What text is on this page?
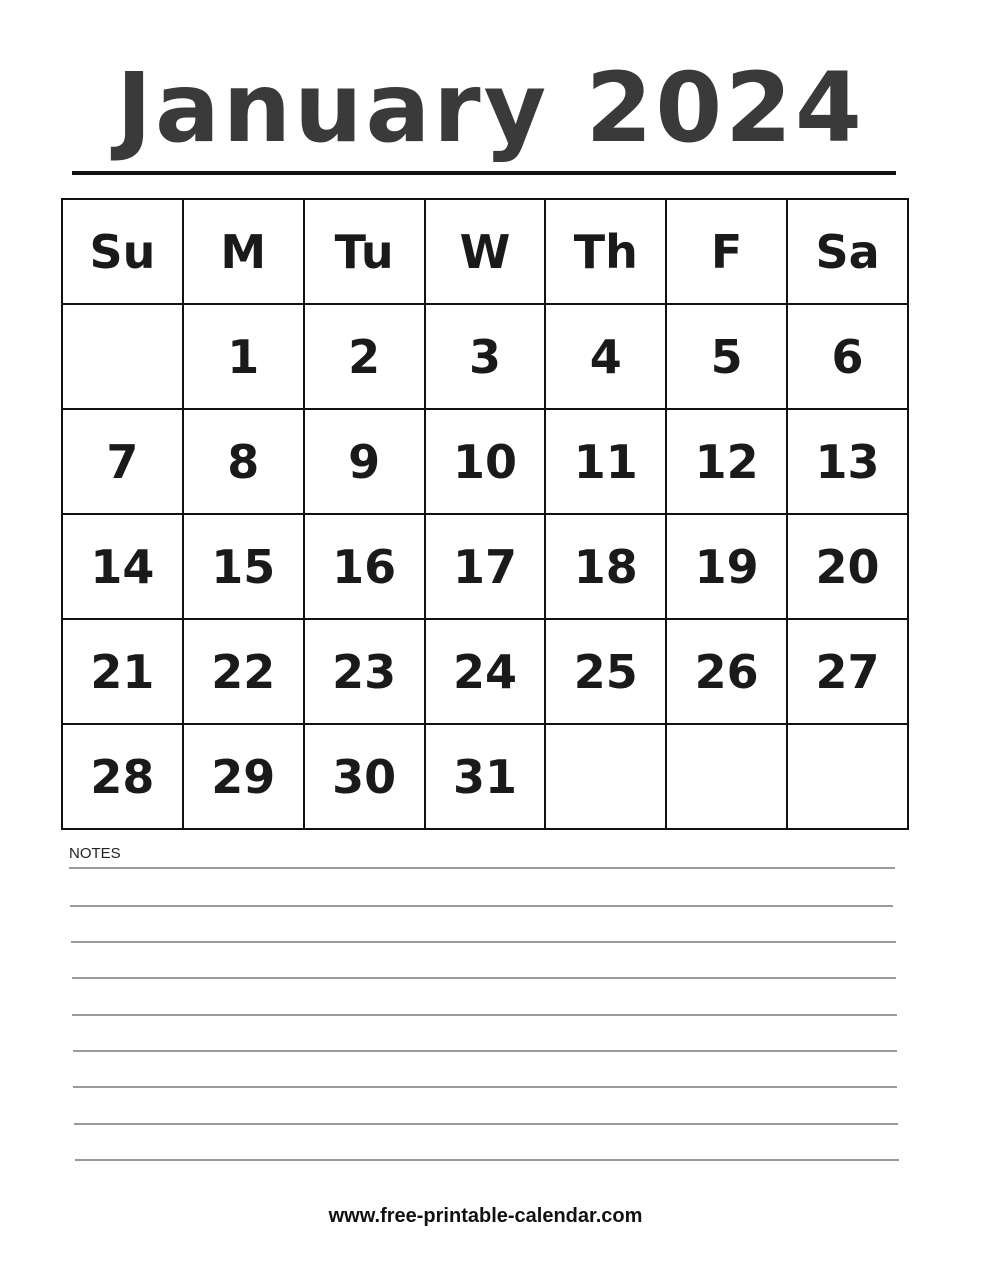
January 2024
Su	M	Tu	W	Th	F	Sa
	1	2	3	4	5	6
7	8	9	10	11	12	13
14	15	16	17	18	19	20
21	22	23	24	25	26	27
28	29	30	31			
NOTES
www.free-printable-calendar.com
